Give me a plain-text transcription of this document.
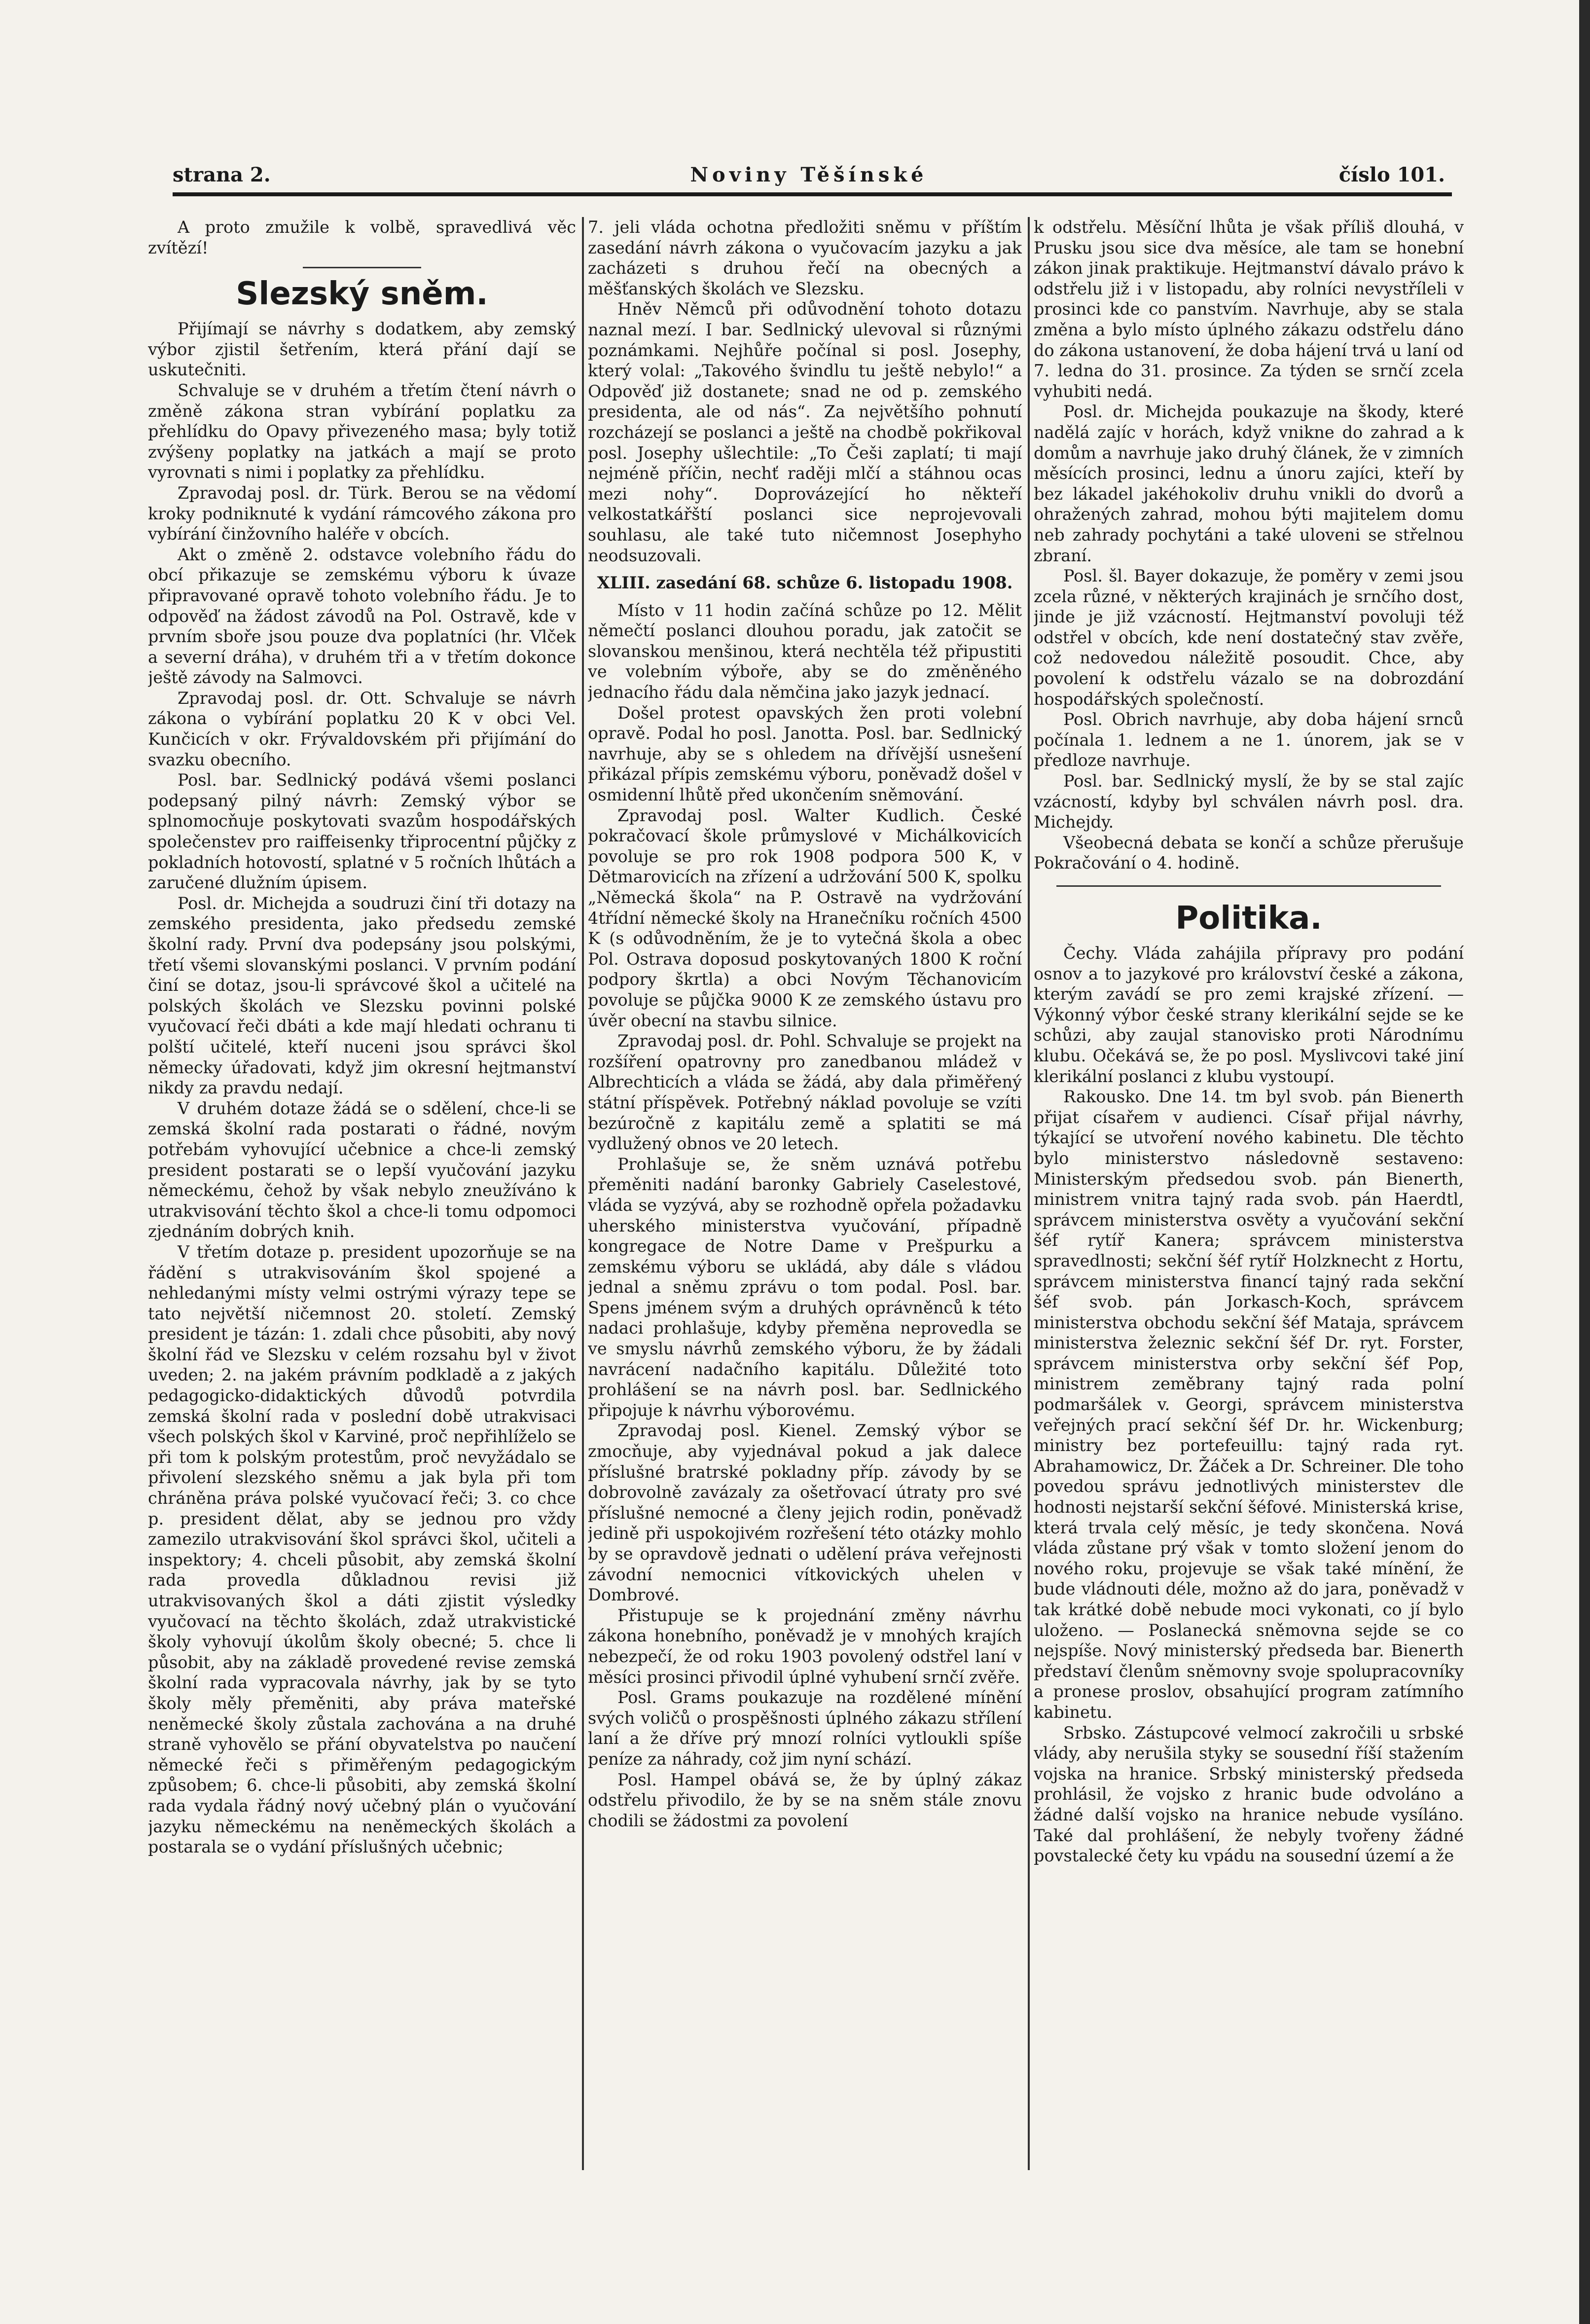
Noviny Těšínské
strana 2.	číslo 101.

A proto zmužile k volbě, spravedlivá věc zvítězí!

Slezský sněm.

Přijímají se návrhy s dodatkem, aby zemský výbor zjistil šetřením, která přání dají se uskutečniti.

Schvaluje se v druhém a třetím čtení návrh o změně zákona stran vybírání poplatku za přehlídku do Opavy přivezeného masa; byly totiž zvýšeny poplatky na jatkách a mají se proto vyrovnati s nimi i poplatky za přehlídku.

Zpravodaj posl. dr. Türk. Berou se na vědomí kroky podniknuté k vydání rámcového zákona pro vybírání činžovního haléře v obcích.

Akt o změně 2. odstavce volebního řádu do obcí přikazuje se zemskému výboru k úvaze připravované opravě tohoto volebního řádu. Je to odpověď na žádost závodů na Pol. Ostravě, kde v prvním sboře jsou pouze dva poplatníci (hr. Vlček a severní dráha), v druhém tři a v třetím dokonce ještě závody na Salmovci.

Zpravodaj posl. dr. Ott. Schvaluje se návrh zákona o vybírání poplatku 20 K v obci Vel. Kunčicích v okr. Frývaldovském při přijímání do svazku obecního.

Posl. bar. Sedlnický podává všemi poslanci podepsaný pilný návrh: Zemský výbor se splnomocňuje poskytovati svazům hospodářských společenstev pro raiffeisenky třiprocentní půjčky z pokladních hotovostí, splatné v 5 ročních lhůtách a zaručené dlužním úpisem.

Posl. dr. Michejda a soudruzi činí tři dotazy na zemského presidenta, jako předsedu zemské školní rady. První dva podepsány jsou polskými, třetí všemi slovanskými poslanci. V prvním podání činí se dotaz, jsou-li správcové škol a učitelé na polských školách ve Slezsku povinni polské vyučovací řeči dbáti a kde mají hledati ochranu ti polští učitelé, kteří nuceni jsou správci škol německy úřadovati, když jim okresní hejtmanství nikdy za pravdu nedají.

V druhém dotaze žádá se o sdělení, chce-li se zemská školní rada postarati o řádné, novým potřebám vyhovující učebnice a chce-li zemský president postarati se o lepší vyučování jazyku německému, čehož by však nebylo zneužíváno k utrakvisování těchto škol a chce-li tomu odpomoci zjednáním dobrých knih.

V třetím dotaze p. president upozorňuje se na řádění s utrakvisováním škol spojené a nehledanými místy velmi ostrými výrazy tepe se tato největší ničemnost 20. století. Zemský president je tázán: 1. zdali chce působiti, aby nový školní řád ve Slezsku v celém rozsahu byl v život uveden; 2. na jakém právním podkladě a z jakých pedagogicko-didaktických důvodů potvrdila zemská školní rada v poslední době utrakvisaci všech polských škol v Karviné, proč nepřihlíželo se při tom k polským protestům, proč nevyžádalo se přivolení slezského sněmu a jak byla při tom chráněna práva polské vyučovací řeči; 3. co chce p. president dělat, aby se jednou pro vždy zamezilo utrakvisování škol správci škol, učiteli a inspektory; 4. chceli působit, aby zemská školní rada provedla důkladnou revisi již utrakvisovaných škol a dáti zjistit výsledky vyučovací na těchto školách, zdaž utrakvistické školy vyhovují úkolům školy obecné; 5. chce li působit, aby na základě provedené revise zemská školní rada vypracovala návrhy, jak by se tyto školy měly přeměniti, aby práva mateřské neněmecké školy zůstala zachována a na druhé straně vyhovělo se přání obyvatelstva po naučení německé řeči s přiměřeným pedagogickým způsobem; 6. chce-li působiti, aby zemská školní rada vydala řádný nový učebný plán o vyučování jazyku německému na neněmeckých školách a postarala se o vydání příslušných učebnic;

7. jeli vláda ochotna předložiti sněmu v příštím zasedání návrh zákona o vyučovacím jazyku a jak zacházeti s druhou řečí na obecných a měšťanských školách ve Slezsku.

Hněv Němců při odůvodnění tohoto dotazu naznal mezí. I bar. Sedlnický ulevoval si různými poznámkami. Nejhůře počínal si posl. Josephy, který volal: „Takového švindlu tu ještě nebylo!“ a Odpověď již dostanete; snad ne od p. zemského presidenta, ale od nás“. Za největšího pohnutí rozcházejí se poslanci a ještě na chodbě pokřikoval posl. Josephy ušlechtile: „To Češi zaplatí; ti mají nejméně příčin, nechť raději mlčí a stáhnou ocas mezi nohy“. Doprovázející ho někteří velkostatkářští poslanci sice neprojevovali souhlasu, ale také tuto ničemnost Josephyho neodsuzovali.

XLIII. zasedání 68. schůze 6. listopadu 1908.

Místo v 11 hodin začíná schůze po 12. Mělit němečtí poslanci dlouhou poradu, jak zatočit se slovanskou menšinou, která nechtěla též připustiti ve volebním výboře, aby se do změněného jednacího řádu dala němčina jako jazyk jednací.

Došel protest opavských žen proti volební opravě. Podal ho posl. Janotta. Posl. bar. Sedlnický navrhuje, aby se s ohledem na dřívější usnešení přikázal přípis zemskému výboru, poněvadž došel v osmidenní lhůtě před ukončením sněmování.

Zpravodaj posl. Walter Kudlich. České pokračovací škole průmyslové v Michálkovicích povoluje se pro rok 1908 podpora 500 K, v Dětmarovicích na zřízení a udržování 500 K, spolku „Německá škola“ na P. Ostravě na vydržování 4třídní německé školy na Hranečníku ročních 4500 K (s odůvodněním, že je to vytečná škola a obec Pol. Ostrava doposud poskytovaných 1800 K roční podpory škrtla) a obci Novým Těchanovicím povoluje se půjčka 9000 K ze zemského ústavu pro úvěr obecní na stavbu silnice.

Zpravodaj posl. dr. Pohl. Schvaluje se projekt na rozšíření opatrovny pro zanedbanou mládež v Albrechticích a vláda se žádá, aby dala přiměřený státní příspěvek. Potřebný náklad povoluje se vzíti bezúročně z kapitálu země a splatiti se má vydlužený obnos ve 20 letech.

Prohlašuje se, že sněm uznává potřebu přeměniti nadání baronky Gabriely Caselestové, vláda se vyzývá, aby se rozhodně opřela požadavku uherského ministerstva vyučování, případně kongregace de Notre Dame v Prešpurku a zemskému výboru se ukládá, aby dále s vládou jednal a sněmu zprávu o tom podal. Posl. bar. Spens jménem svým a druhých oprávněnců k této nadaci prohlašuje, kdyby přeměna neprovedla se ve smyslu návrhů zemského výboru, že by žádali navrácení nadačního kapitálu. Důležité toto prohlášení se na návrh posl. bar. Sedlnického připojuje k návrhu výborovému.

Zpravodaj posl. Kienel. Zemský výbor se zmocňuje, aby vyjednával pokud a jak dalece příslušné bratrské pokladny příp. závody by se dobrovolně zavázaly za ošetřovací útraty pro své příslušné nemocné a členy jejich rodin, poněvadž jedině při uspokojivém rozřešení této otázky mohlo by se opravdově jednati o udělení práva veřejnosti závodní nemocnici vítkovických uhelen v Dombrové.

Přistupuje se k projednání změny návrhu zákona honebního, poněvadž je v mnohých krajích nebezpečí, že od roku 1903 povolený odstřel laní v měsíci prosinci přivodil úplné vyhubení srnčí zvěře.

Posl. Grams poukazuje na rozdělené mínění svých voličů o prospěšnosti úplného zákazu střílení laní a že dříve prý mnozí rolníci vytloukli spíše peníze za náhrady, což jim nyní schází.

Posl. Hampel obává se, že by úplný zákaz odstřelu přivodilo, že by se na sněm stále znovu chodili se žádostmi za povolení

k odstřelu. Měsíční lhůta je však příliš dlouhá, v Prusku jsou sice dva měsíce, ale tam se honební zákon jinak praktikuje. Hejtmanství dávalo právo k odstřelu již i v listopadu, aby rolníci nevystříleli v prosinci kde co panstvím. Navrhuje, aby se stala změna a bylo místo úplného zákazu odstřelu dáno do zákona ustanovení, že doba hájení trvá u laní od 7. ledna do 31. prosince. Za týden se srnčí zcela vyhubiti nedá.

Posl. dr. Michejda poukazuje na škody, které nadělá zajíc v horách, když vnikne do zahrad a k domům a navrhuje jako druhý článek, že v zimních měsících prosinci, lednu a únoru zajíci, kteří by bez lákadel jakéhokoliv druhu vnikli do dvorů a ohražených zahrad, mohou býti majitelem domu neb zahrady pochytáni a také uloveni se střelnou zbraní.

Posl. šl. Bayer dokazuje, že poměry v zemi jsou zcela různé, v některých krajinách je srnčího dost, jinde je již vzácností. Hejtmanství povoluji též odstřel v obcích, kde není dostatečný stav zvěře, což nedovedou náležitě posoudit. Chce, aby povolení k odstřelu vázalo se na dobrozdání hospodářských společností.

Posl. Obrich navrhuje, aby doba hájení srnců počínala 1. lednem a ne 1. únorem, jak se v předloze navrhuje.

Posl. bar. Sedlnický myslí, že by se stal zajíc vzácností, kdyby byl schválen návrh posl. dra. Michejdy.

Všeobecná debata se končí a schůze přerušuje Pokračování o 4. hodině.

Politika.

Čechy. Vláda zahájila přípravy pro podání osnov a to jazykové pro království české a zákona, kterým zavádí se pro zemi krajské zřízení. — Výkonný výbor české strany klerikální sejde se ke schůzi, aby zaujal stanovisko proti Národnímu klubu. Očekává se, že po posl. Myslivcovi také jiní klerikální poslanci z klubu vystoupí.

Rakousko. Dne 14. tm byl svob. pán Bienerth přijat císařem v audienci. Císař přijal návrhy, týkající se utvoření nového kabinetu. Dle těchto bylo ministerstvo následovně sestaveno: Ministerským předsedou svob. pán Bienerth, ministrem vnitra tajný rada svob. pán Haerdtl, správcem ministerstva osvěty a vyučování sekční šéf rytíř Kanera; správcem ministerstva spravedlnosti; sekční šéf rytíř Holzknecht z Hortu, správcem ministerstva financí tajný rada sekční šéf svob. pán Jorkasch-Koch, správcem ministerstva obchodu sekční šéf Mataja, správcem ministerstva železnic sekční šéf Dr. ryt. Forster, správcem ministerstva orby sekční šéf Pop, ministrem zeměbrany tajný rada polní podmaršálek v. Georgi, správcem ministerstva veřejných prací sekční šéf Dr. hr. Wickenburg; ministry bez portefeuillu: tajný rada ryt. Abrahamowicz, Dr. Žáček a Dr. Schreiner. Dle toho povedou správu jednotlivých ministerstev dle hodnosti nejstarší sekční šéfové. Ministerská krise, která trvala celý měsíc, je tedy skončena. Nová vláda zůstane prý však v tomto složení jenom do nového roku, projevuje se však také mínění, že bude vládnouti déle, možno až do jara, poněvadž v tak krátké době nebude moci vykonati, co jí bylo uloženo. — Poslanecká sněmovna sejde se co nejspíše. Nový ministerský předseda bar. Bienerth představí členům sněmovny svoje spolupracovníky a pronese proslov, obsahující program zatímního kabinetu.

Srbsko. Zástupcové velmocí zakročili u srbské vlády, aby nerušila styky se sousední říší stažením vojska na hranice. Srbský ministerský předseda prohlásil, že vojsko z hranic bude odvoláno a žádné další vojsko na hranice nebude vysíláno. Také dal prohlášení, že nebyly tvořeny žádné povstalecké čety ku vpádu na sousední území a že
